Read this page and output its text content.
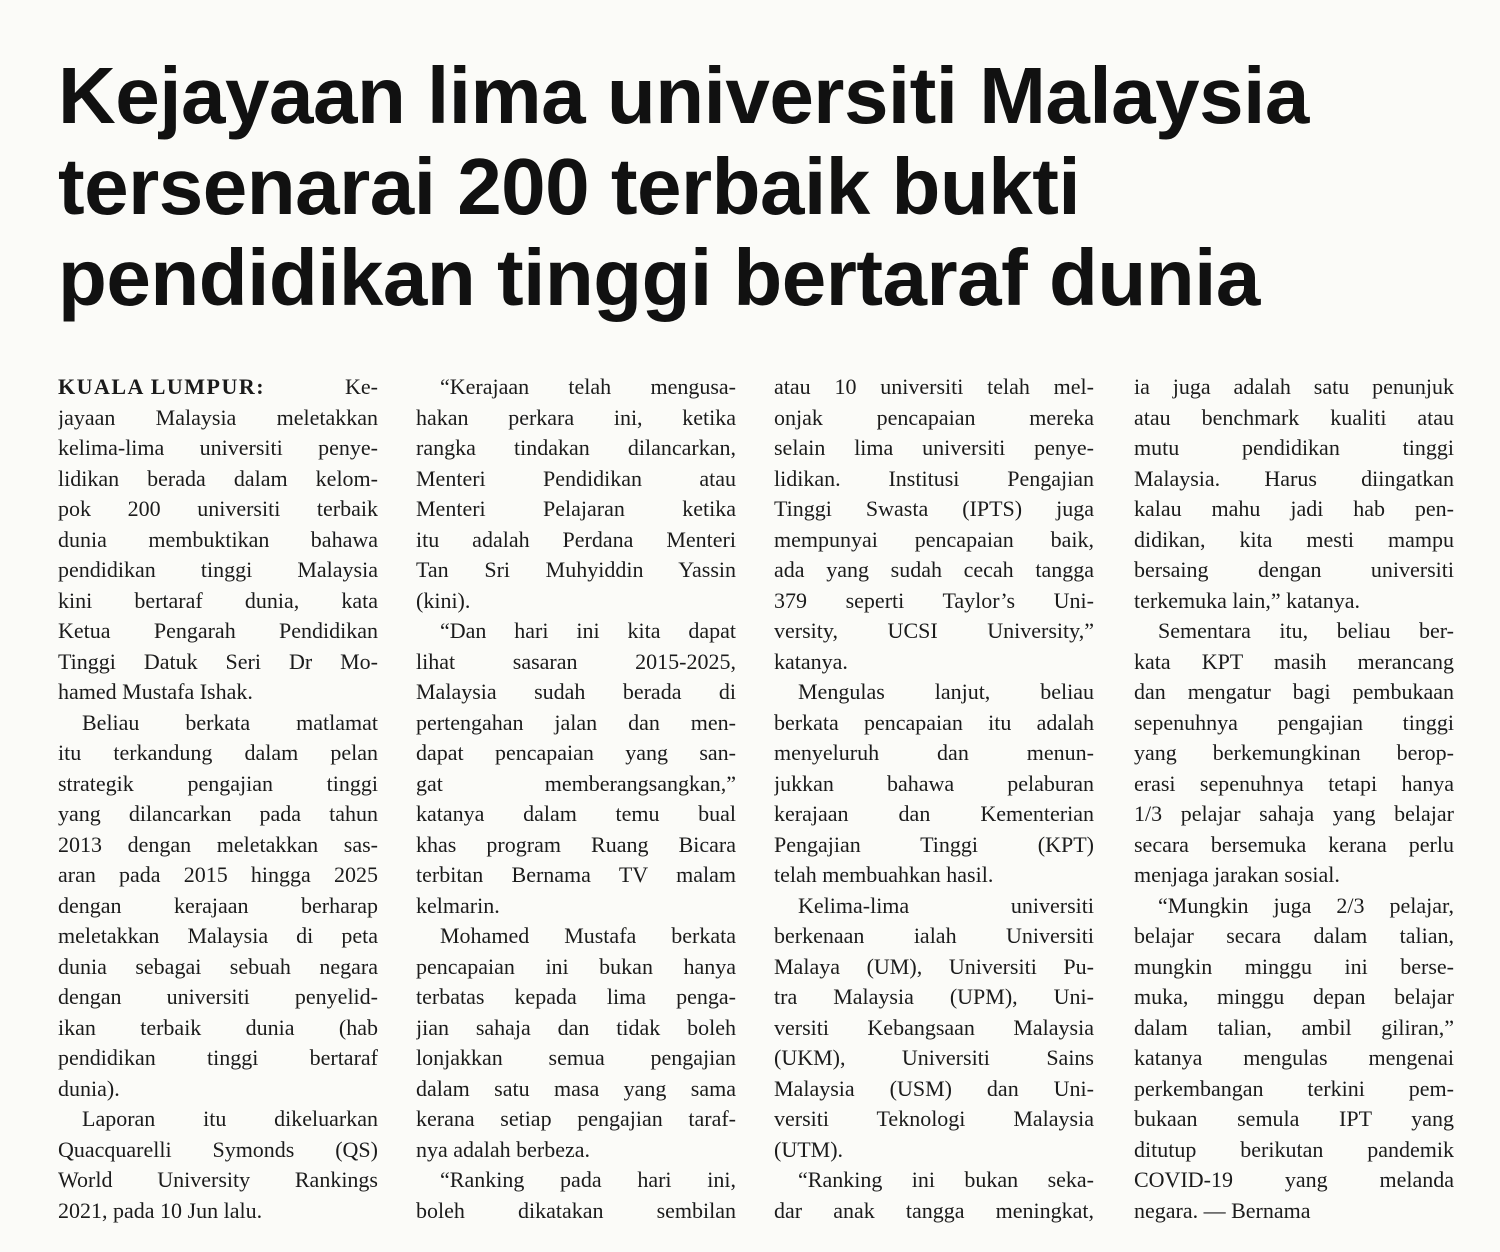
Kejayaan lima universiti Malaysia
tersenarai 200 terbaik bukti
pendidikan tinggi bertaraf dunia
KUALA LUMPUR:	Ke-
jayaan Malaysia meletakkan
kelima-lima universiti penye-
lidikan berada dalam kelom-
pok 200 universiti terbaik
dunia membuktikan bahawa
pendidikan tinggi Malaysia
kini bertaraf dunia, kata
Ketua Pengarah Pendidikan
Tinggi Datuk Seri Dr Mo-
hamed Mustafa Ishak.
Beliau berkata matlamat
itu terkandung dalam pelan
strategik pengajian tinggi
yang dilancarkan pada tahun
2013 dengan meletakkan sas-
aran pada 2015 hingga 2025
dengan kerajaan berharap
meletakkan Malaysia di peta
dunia sebagai sebuah negara
dengan universiti penyelid-
ikan terbaik dunia (hab
pendidikan tinggi bertaraf
dunia).
Laporan itu dikeluarkan
Quacquarelli Symonds (QS)
World University Rankings
2021, pada 10 Jun lalu.
“Kerajaan telah mengusa-
hakan perkara ini, ketika
rangka tindakan dilancarkan,
Menteri Pendidikan atau
Menteri Pelajaran ketika
itu adalah Perdana Menteri
Tan Sri Muhyiddin Yassin
(kini).
“Dan hari ini kita dapat
lihat sasaran 2015-2025,
Malaysia sudah berada di
pertengahan jalan dan men-
dapat pencapaian yang san-
gat memberangsangkan,”
katanya dalam temu bual
khas program Ruang Bicara
terbitan Bernama TV malam
kelmarin.
Mohamed Mustafa berkata
pencapaian ini bukan hanya
terbatas kepada lima penga-
jian sahaja dan tidak boleh
lonjakkan semua pengajian
dalam satu masa yang sama
kerana setiap pengajian taraf-
nya adalah berbeza.
“Ranking pada hari ini,
boleh dikatakan sembilan
atau 10 universiti telah mel-
onjak pencapaian mereka
selain lima universiti penye-
lidikan. Institusi Pengajian
Tinggi Swasta (IPTS) juga
mempunyai pencapaian baik,
ada yang sudah cecah tangga
379 seperti Taylor’s Uni-
versity, UCSI University,”
katanya.
Mengulas lanjut, beliau
berkata pencapaian itu adalah
menyeluruh dan menun-
jukkan bahawa pelaburan
kerajaan dan Kementerian
Pengajian Tinggi (KPT)
telah membuahkan hasil.
Kelima-lima universiti
berkenaan ialah Universiti
Malaya (UM), Universiti Pu-
tra Malaysia (UPM), Uni-
versiti Kebangsaan Malaysia
(UKM), Universiti Sains
Malaysia (USM) dan Uni-
versiti Teknologi Malaysia
(UTM).
“Ranking ini bukan seka-
dar anak tangga meningkat,
ia juga adalah satu penunjuk
atau benchmark kualiti atau
mutu pendidikan tinggi
Malaysia. Harus diingatkan
kalau mahu jadi hab pen-
didikan, kita mesti mampu
bersaing dengan universiti
terkemuka lain,” katanya.
Sementara itu, beliau ber-
kata KPT masih merancang
dan mengatur bagi pembukaan
sepenuhnya pengajian tinggi
yang berkemungkinan berop-
erasi sepenuhnya tetapi hanya
1/3 pelajar sahaja yang belajar
secara bersemuka kerana perlu
menjaga jarakan sosial.
“Mungkin juga 2/3 pelajar,
belajar secara dalam talian,
mungkin minggu ini berse-
muka, minggu depan belajar
dalam talian, ambil giliran,”
katanya mengulas mengenai
perkembangan terkini pem-
bukaan semula IPT yang
ditutup berikutan pandemik
COVID-19 yang melanda
negara. — Bernama
